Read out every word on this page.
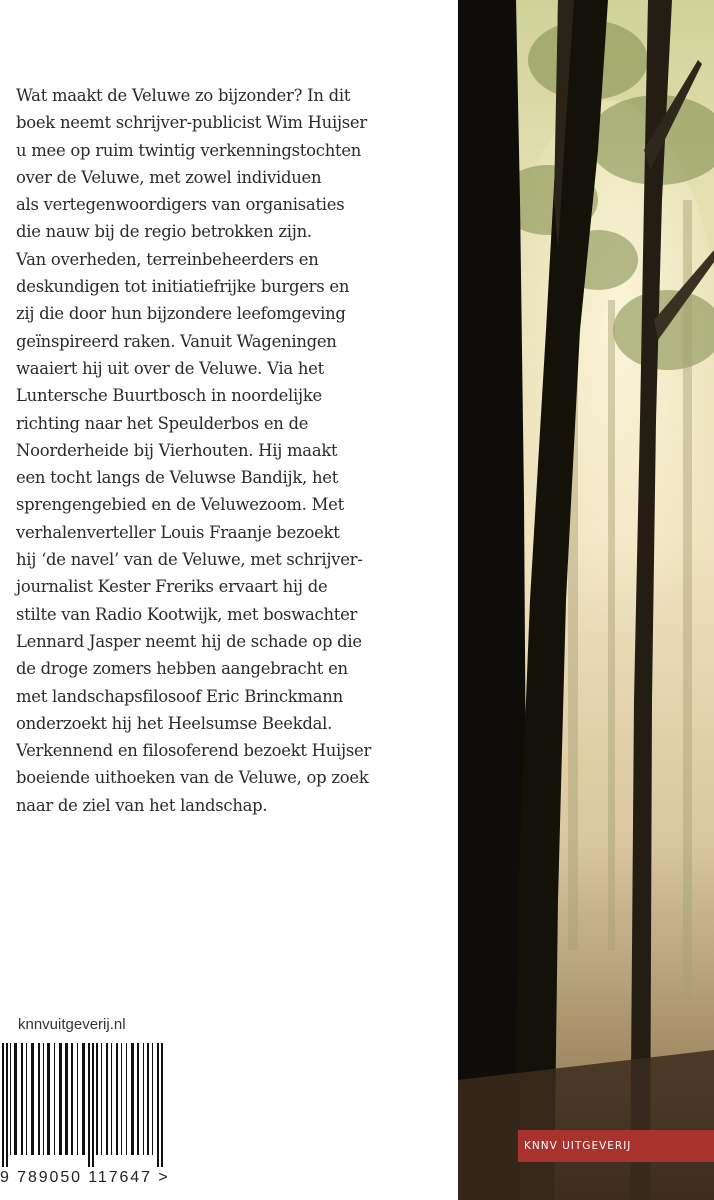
Wat maakt de Veluwe zo bijzonder? In dit
boek neemt schrijver-publicist Wim Huijser
u mee op ruim twintig verkenningstochten
over de Veluwe, met zowel individuen
als vertegenwoordigers van organisaties
die nauw bij de regio betrokken zijn.
Van overheden, terreinbeheerders en
deskundigen tot initiatiefrijke burgers en
zij die door hun bijzondere leefomgeving
geïnspireerd raken. Vanuit Wageningen
waaiert hij uit over de Veluwe. Via het
Luntersche Buurtbosch in noordelijke
richting naar het Speulderbos en de
Noorderheide bij Vierhouten. Hij maakt
een tocht langs de Veluwse Bandijk, het
sprengengebied en de Veluwezoom. Met
verhalenverteller Louis Fraanje bezoekt
hij ‘de navel’ van de Veluwe, met schrijver-
journalist Kester Freriks ervaart hij de
stilte van Radio Kootwijk, met boswachter
Lennard Jasper neemt hij de schade op die
de droge zomers hebben aangebracht en
met landschapsfilosoof Eric Brinckmann
onderzoekt hij het Heelsumse Beekdal.
Verkennend en filosoferend bezoekt Huijser
boeiende uithoeken van de Veluwe, op zoek
naar de ziel van het landschap.

knnvuitgeverij.nl
9 789050 117647 >
KNNV UITGEVERIJ
